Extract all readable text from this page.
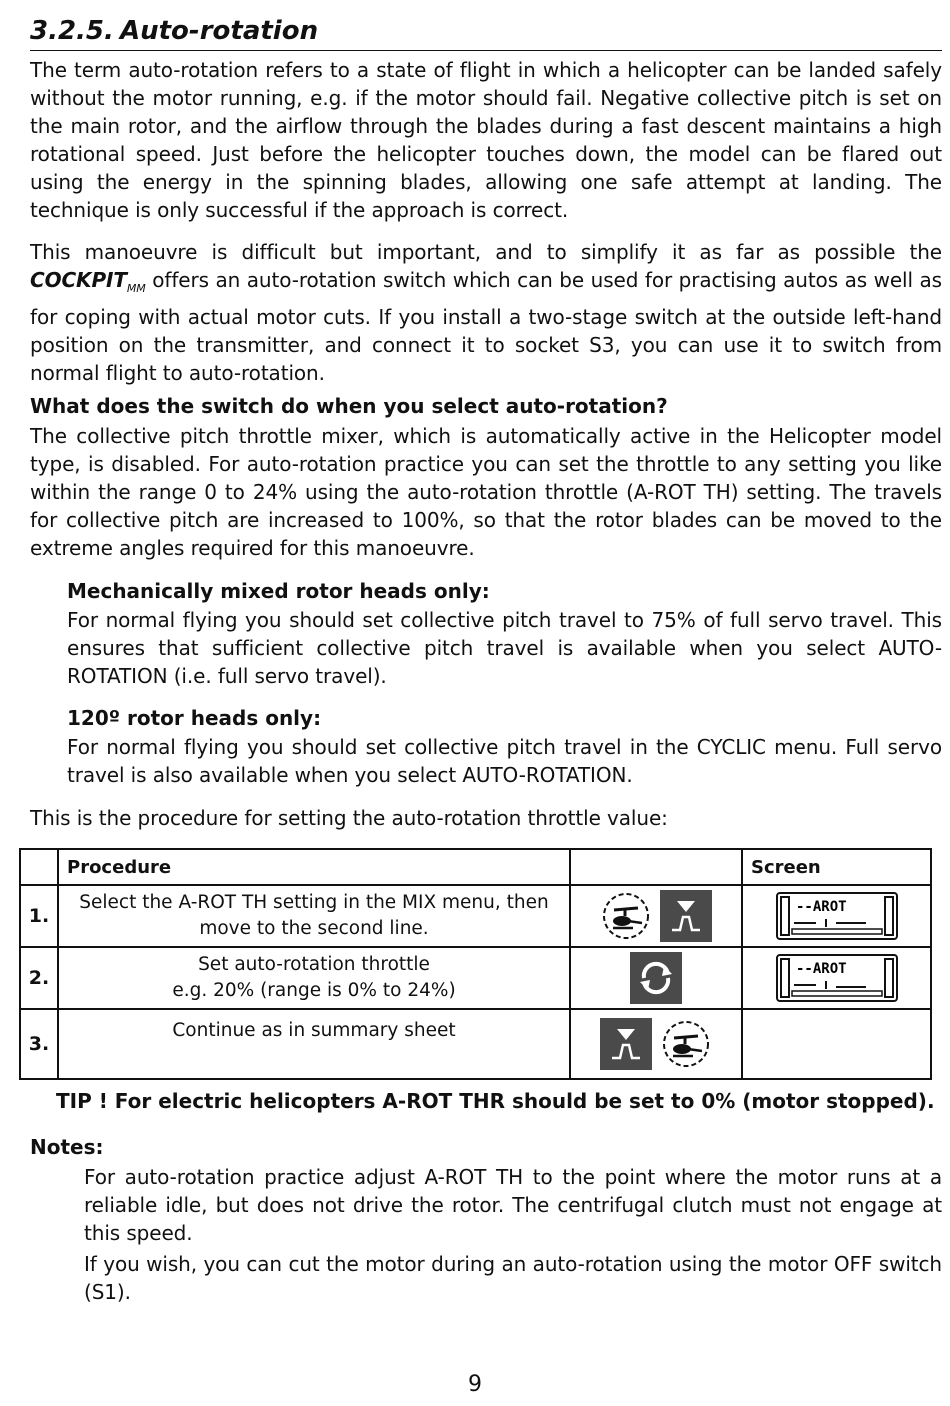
3.2.5. Auto-rotation
The term auto-rotation refers to a state of flight in which a helicopter can be landed safely without the motor running, e.g. if the motor should fail. Negative collective pitch is set on the main rotor, and the airflow through the blades during a fast descent maintains a high rotational speed. Just before the helicopter touches down, the model can be flared out using the energy in the spinning blades, allowing one safe attempt at landing. The technique is only successful if the approach is correct.
This manoeuvre is difficult but important, and to simplify it as far as possible the $COCKPIT_{MM}$ offers an auto-rotation switch which can be used for practising autos as well as for coping with actual motor cuts. If you install a two-stage switch at the outside left-hand position on the transmitter, and connect it to socket S3, you can use it to switch from normal flight to auto-rotation.
What does the switch do when you select auto-rotation?
The collective pitch throttle mixer, which is automatically active in the Helicopter model type, is disabled. For auto-rotation practice you can set the throttle to any setting you like within the range 0 to 24% using the auto-rotation throttle (A-ROT TH) setting. The travels for collective pitch are increased to 100%, so that the rotor blades can be moved to the extreme angles required for this manoeuvre.
Mechanically mixed rotor heads only:
For normal flying you should set collective pitch travel to 75% of full servo travel. This ensures that sufficient collective pitch travel is available when you select AUTO-ROTATION (i.e. full servo travel).
120º rotor heads only:
For normal flying you should set collective pitch travel in the CYCLIC menu. Full servo travel is also available when you select AUTO-ROTATION.
This is the procedure for setting the auto-rotation throttle value:
	Procedure		Screen
1.	Select the A-ROT TH setting in the MIX menu, then
move to the second line.		--AROT

2.	Set auto-rotation throttle
e.g. 20% (range is 0% to 24%)		--AROT

3.	Continue as in summary sheet

TIP ! For electric helicopters A-ROT THR should be set to 0% (motor stopped).
Notes:
For auto-rotation practice adjust A-ROT TH to the point where the motor runs at a reliable idle, but does not drive the rotor. The centrifugal clutch must not engage at this speed.
If you wish, you can cut the motor during an auto-rotation using the motor OFF switch (S1).
9
